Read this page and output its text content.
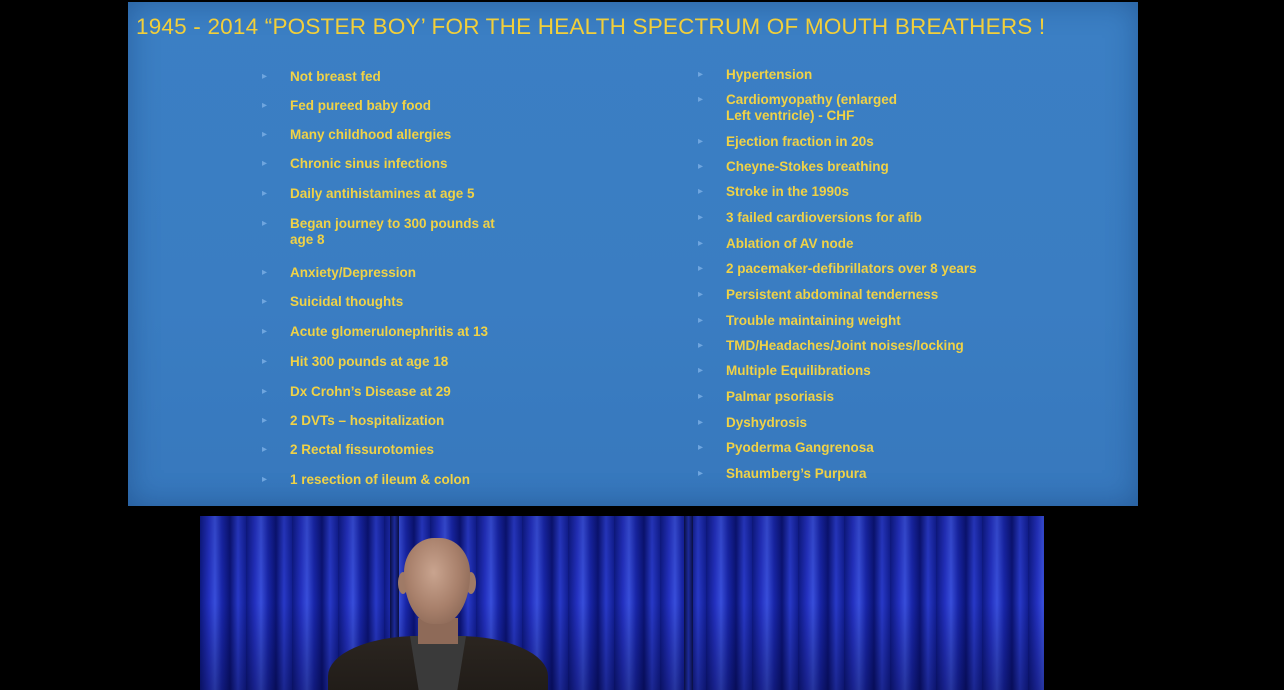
1945 - 2014 “POSTER BOY’ FOR THE HEALTH SPECTRUM OF MOUTH BREATHERS !
▸ Not breast fed
▸ Fed pureed baby food
▸ Many childhood allergies
▸ Chronic sinus infections
▸ Daily antihistamines at age 5
▸ Began journey to 300 pounds at
age 8
▸ Anxiety/Depression
▸ Suicidal thoughts
▸ Acute glomerulonephritis at 13
▸ Hit 300 pounds at age 18
▸ Dx Crohn’s Disease at 29
▸ 2 DVTs – hospitalization
▸ 2 Rectal fissurotomies
▸ 1 resection of ileum & colon
▸ Hypertension
▸ Cardiomyopathy (enlarged
Left ventricle) - CHF
▸ Ejection fraction in 20s
▸ Cheyne-Stokes breathing
▸ Stroke in the 1990s
▸ 3 failed cardioversions for afib
▸ Ablation of AV node
▸ 2 pacemaker-defibrillators over 8 years
▸ Persistent abdominal tenderness
▸ Trouble maintaining weight
▸ TMD/Headaches/Joint noises/locking
▸ Multiple Equilibrations
▸ Palmar psoriasis
▸ Dyshydrosis
▸ Pyoderma Gangrenosa
▸ Shaumberg’s Purpura
